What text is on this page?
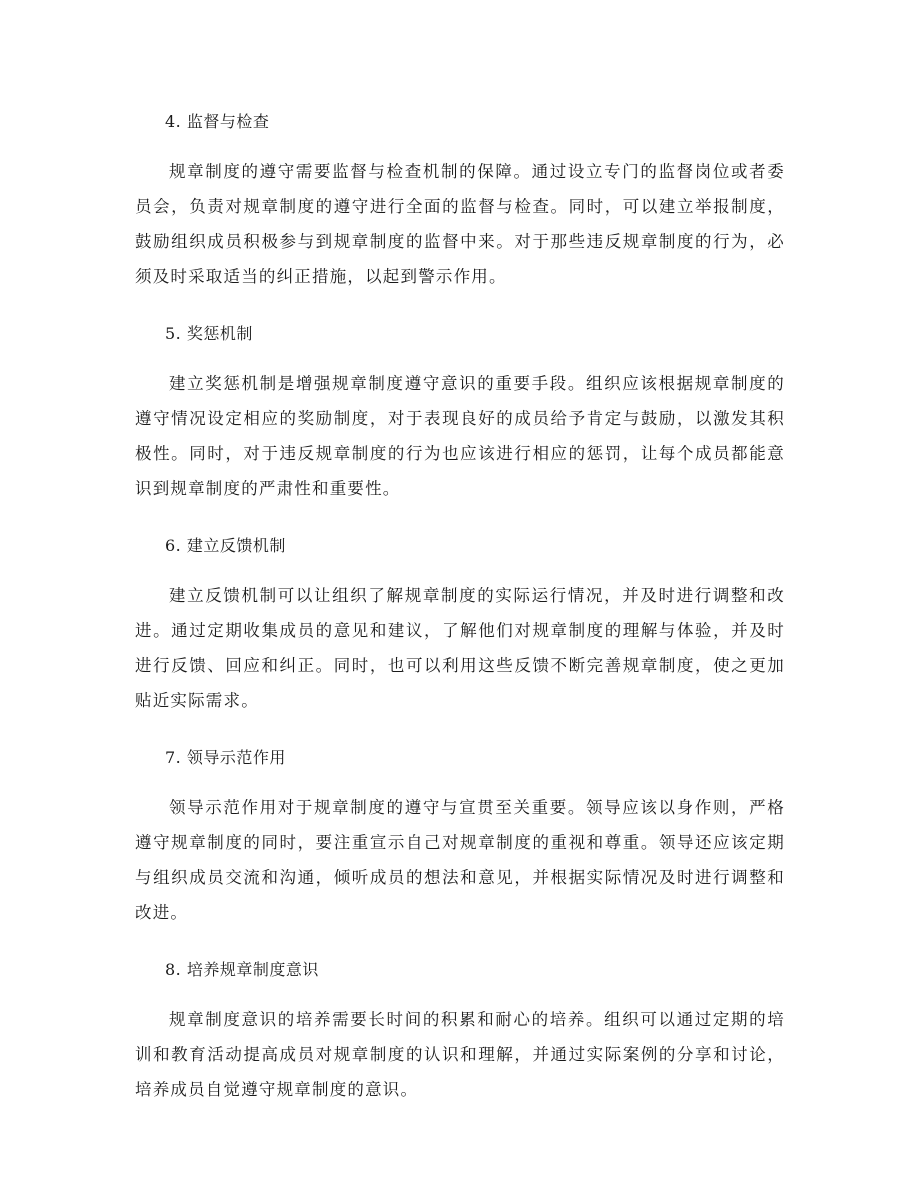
4. 监督与检查

规章制度的遵守需要监督与检查机制的保障。通过设立专门的监督岗位或者委员会，负责对规章制度的遵守进行全面的监督与检查。同时，可以建立举报制度，鼓励组织成员积极参与到规章制度的监督中来。对于那些违反规章制度的行为，必须及时采取适当的纠正措施，以起到警示作用。

5. 奖惩机制

建立奖惩机制是增强规章制度遵守意识的重要手段。组织应该根据规章制度的遵守情况设定相应的奖励制度，对于表现良好的成员给予肯定与鼓励，以激发其积极性。同时，对于违反规章制度的行为也应该进行相应的惩罚，让每个成员都能意识到规章制度的严肃性和重要性。

6. 建立反馈机制

建立反馈机制可以让组织了解规章制度的实际运行情况，并及时进行调整和改进。通过定期收集成员的意见和建议，了解他们对规章制度的理解与体验，并及时进行反馈、回应和纠正。同时，也可以利用这些反馈不断完善规章制度，使之更加贴近实际需求。

7. 领导示范作用

领导示范作用对于规章制度的遵守与宣贯至关重要。领导应该以身作则，严格遵守规章制度的同时，要注重宣示自己对规章制度的重视和尊重。领导还应该定期与组织成员交流和沟通，倾听成员的想法和意见，并根据实际情况及时进行调整和改进。

8. 培养规章制度意识

规章制度意识的培养需要长时间的积累和耐心的培养。组织可以通过定期的培训和教育活动提高成员对规章制度的认识和理解，并通过实际案例的分享和讨论，培养成员自觉遵守规章制度的意识。
